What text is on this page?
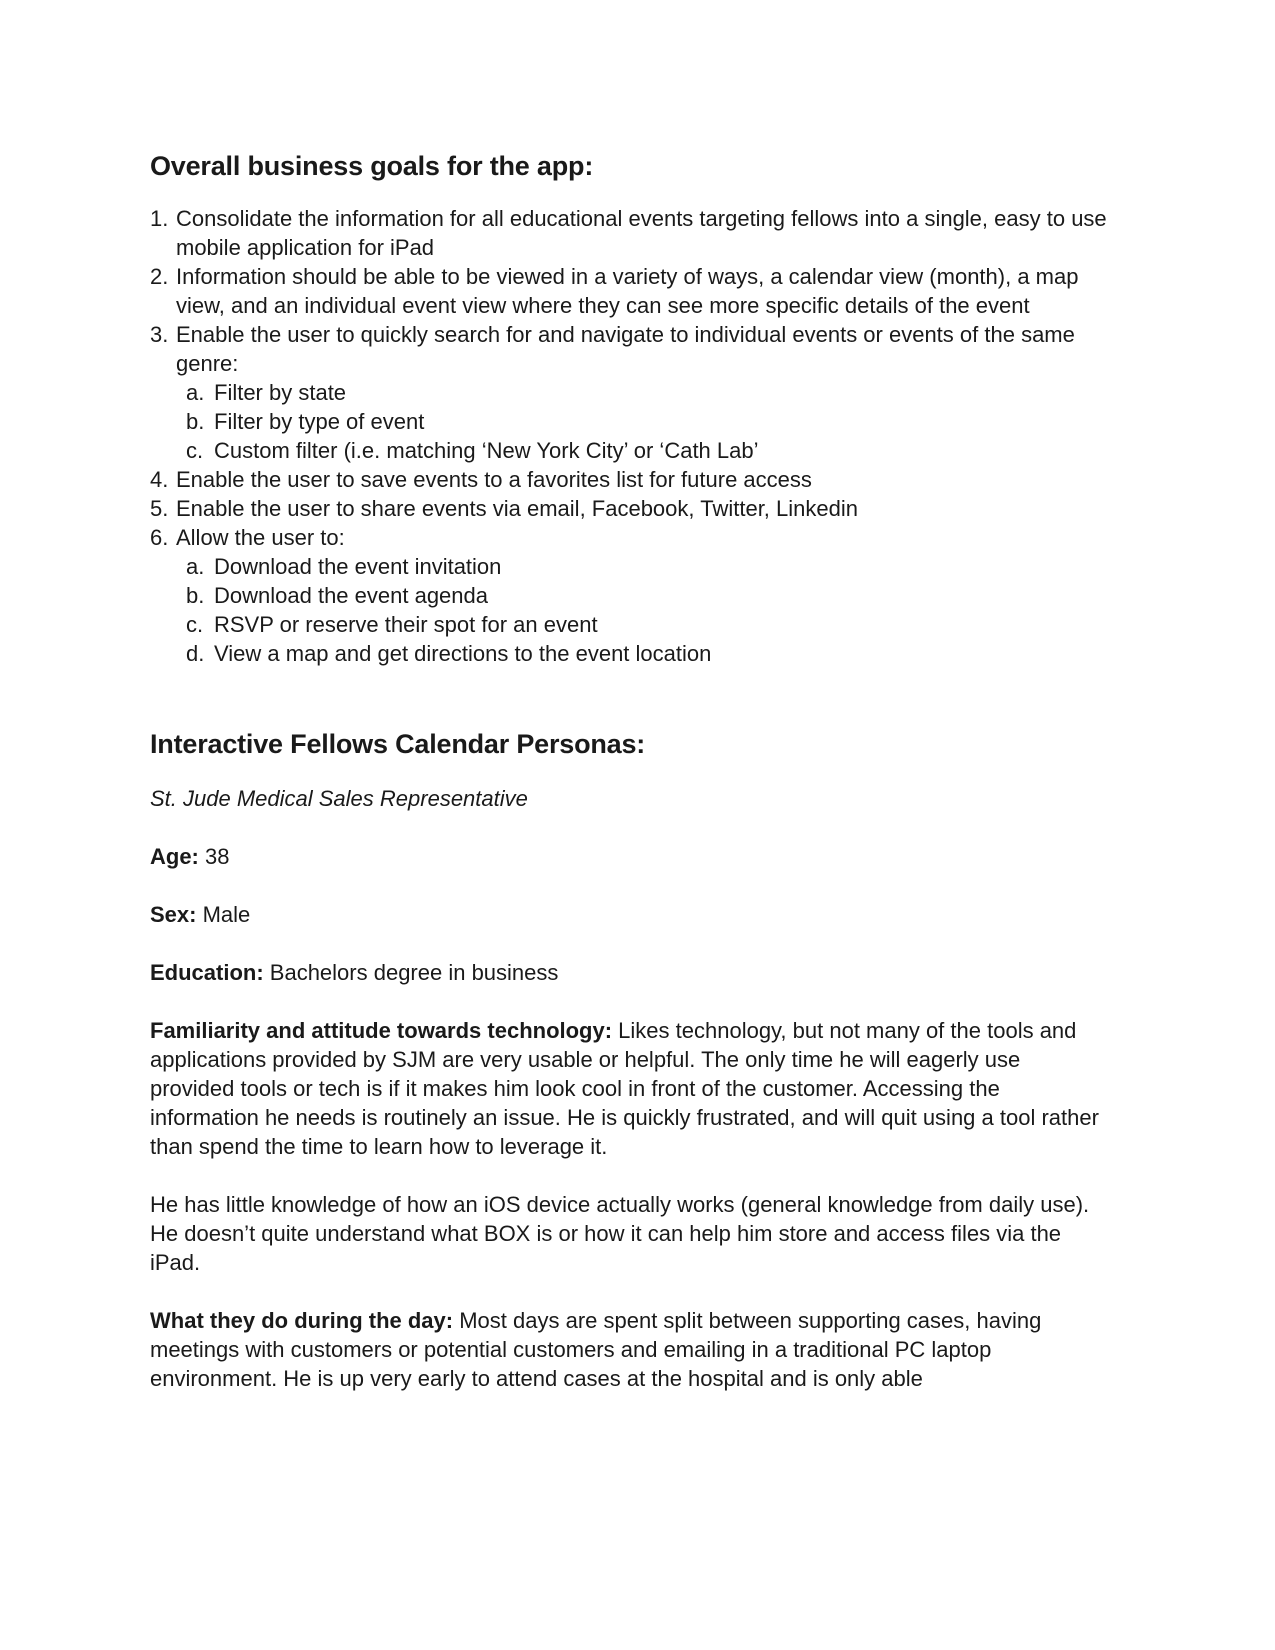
Overall business goals for the app:
1. Consolidate the information for all educational events targeting fellows into a single, easy to use mobile application for iPad
2. Information should be able to be viewed in a variety of ways, a calendar view (month), a map view, and an individual event view where they can see more specific details of the event
3. Enable the user to quickly search for and navigate to individual events or events of the same genre:
a. Filter by state
b. Filter by type of event
c. Custom filter (i.e. matching ‘New York City’ or ‘Cath Lab’
4. Enable the user to save events to a favorites list for future access
5. Enable the user to share events via email, Facebook, Twitter, Linkedin
6. Allow the user to:
a. Download the event invitation
b. Download the event agenda
c. RSVP or reserve their spot for an event
d. View a map and get directions to the event location
Interactive Fellows Calendar Personas:

St. Jude Medical Sales Representative

Age: 38

Sex: Male

Education: Bachelors degree in business

Familiarity and attitude towards technology: Likes technology, but not many of the tools and applications provided by SJM are very usable or helpful. The only time he will eagerly use provided tools or tech is if it makes him look cool in front of the customer. Accessing the information he needs is routinely an issue. He is quickly frustrated, and will quit using a tool rather than spend the time to learn how to leverage it.

He has little knowledge of how an iOS device actually works (general knowledge from daily use). He doesn’t quite understand what BOX is or how it can help him store and access files via the iPad.

What they do during the day: Most days are spent split between supporting cases, having meetings with customers or potential customers and emailing in a traditional PC laptop environment. He is up very early to attend cases at the hospital and is only able
